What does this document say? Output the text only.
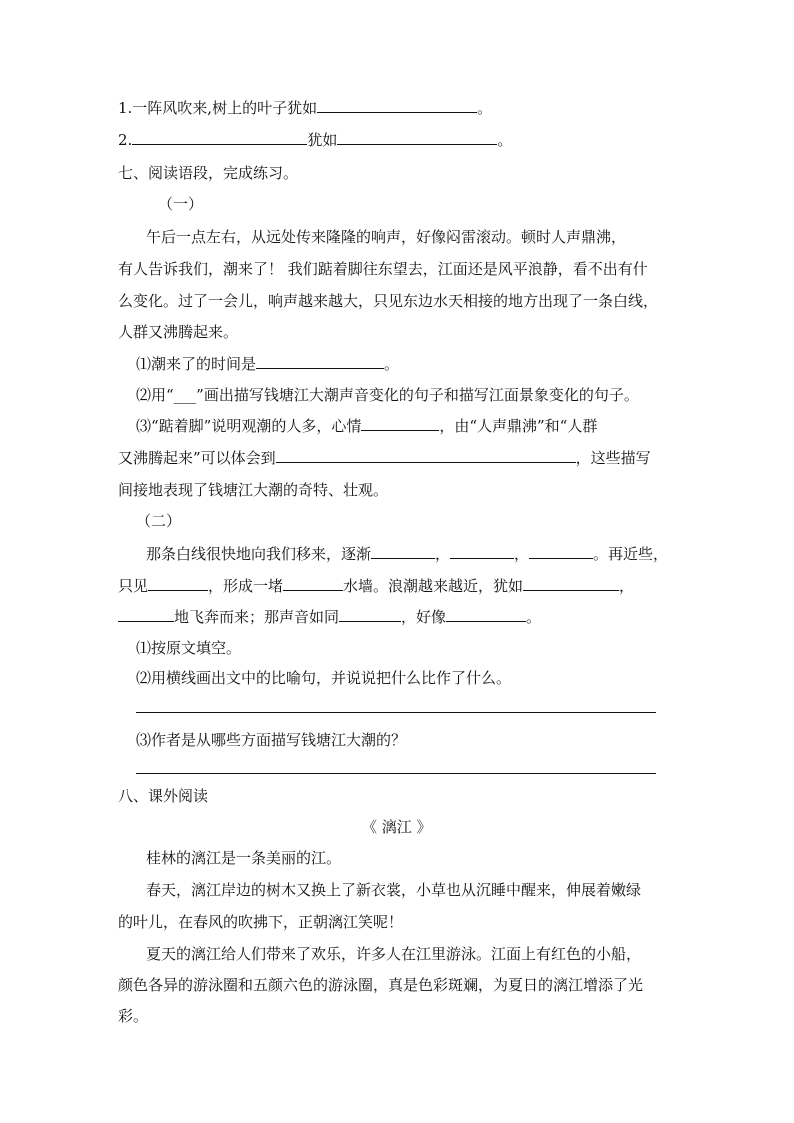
1.一阵风吹来,树上的叶子犹如	。
2.	犹如	。
七、阅读语段，完成练习。
（一）
午后一点左右，从远处传来隆隆的响声，好像闷雷滚动。顿时人声鼎沸，
有人告诉我们，潮来了！ 我们踮着脚往东望去，江面还是风平浪静，看不出有什
么变化。过了一会儿，响声越来越大，只见东边水天相接的地方出现了一条白线，
人群又沸腾起来。
⑴潮来了的时间是	。
⑵用“___”画出描写钱塘江大潮声音变化的句子和描写江面景象变化的句子。
⑶“踮着脚”说明观潮的人多，心情	，由“人声鼎沸”和“人群
又沸腾起来”可以体会到	，这些描写
间接地表现了钱塘江大潮的奇特、壮观。
（二）
那条白线很快地向我们移来，逐渐	，	，	。再近些，
只见	，形成一堵	水墙。浪潮越来越近，犹如	，
地飞奔而来；那声音如同	，好像	。
⑴按原文填空。
⑵用横线画出文中的比喻句，并说说把什么比作了什么。
⑶作者是从哪些方面描写钱塘江大潮的？
八、课外阅读
《 漓江 》
桂林的漓江是一条美丽的江。
春天，漓江岸边的树木又换上了新衣裳，小草也从沉睡中醒来，伸展着嫩绿
的叶儿，在春风的吹拂下，正朝漓江笑呢！
夏天的漓江给人们带来了欢乐，许多人在江里游泳。江面上有红色的小船，
颜色各异的游泳圈和五颜六色的游泳圈，真是色彩斑斓，为夏日的漓江增添了光
彩。
